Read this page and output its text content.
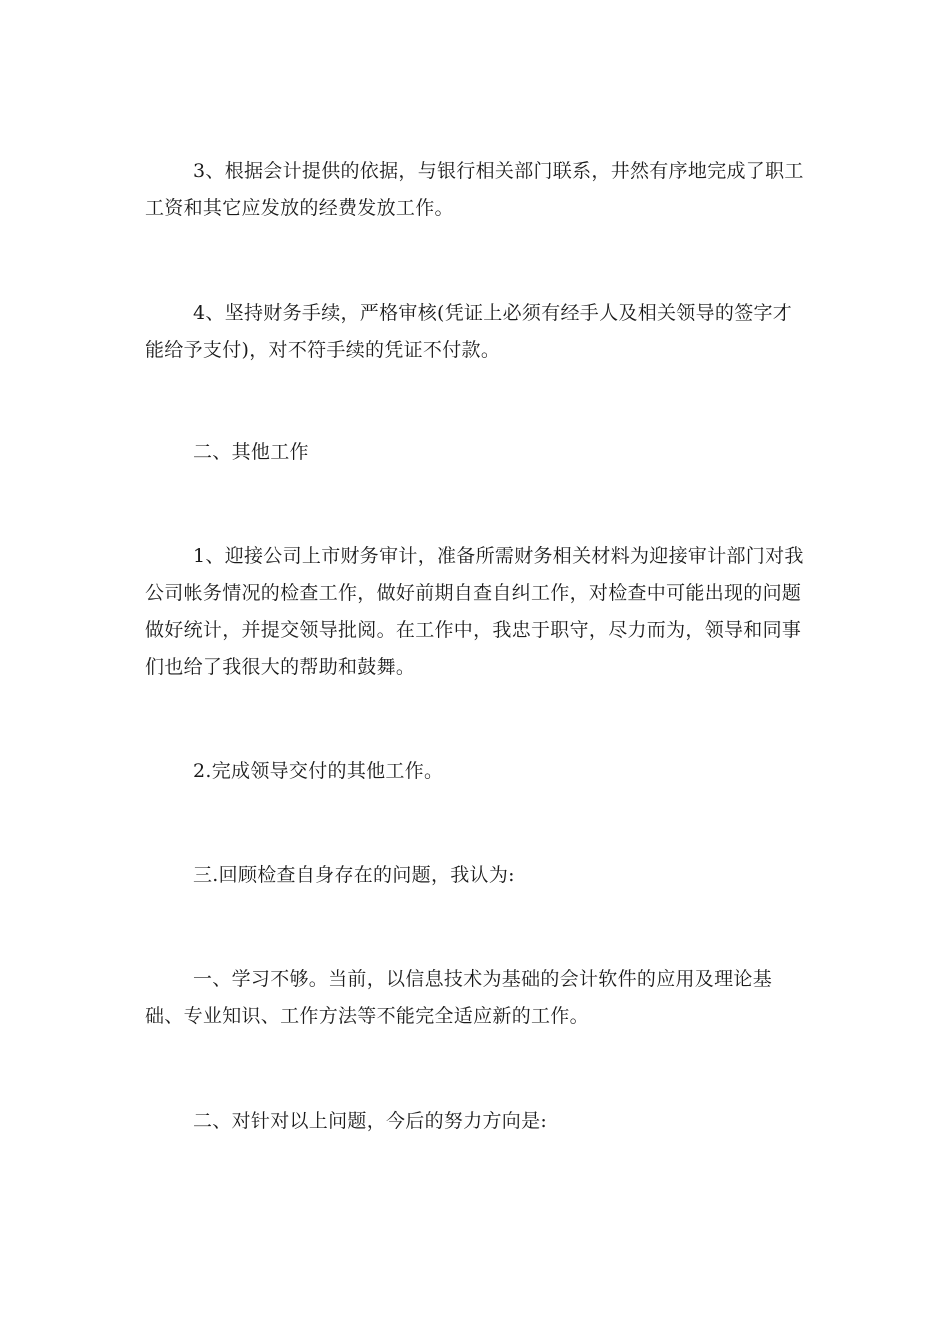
3、根据会计提供的依据，与银行相关部门联系，井然有序地完成了职工工资和其它应发放的经费发放工作。

4、坚持财务手续，严格审核(凭证上必须有经手人及相关领导的签字才能给予支付)，对不符手续的凭证不付款。

二、其他工作

1、迎接公司上市财务审计，准备所需财务相关材料为迎接审计部门对我公司帐务情况的检查工作，做好前期自查自纠工作，对检查中可能出现的问题做好统计，并提交领导批阅。在工作中，我忠于职守，尽力而为，领导和同事们也给了我很大的帮助和鼓舞。

2.完成领导交付的其他工作。

三.回顾检查自身存在的问题，我认为:

一、学习不够。当前，以信息技术为基础的会计软件的应用及理论基础、专业知识、工作方法等不能完全适应新的工作。

二、对针对以上问题，今后的努力方向是:
